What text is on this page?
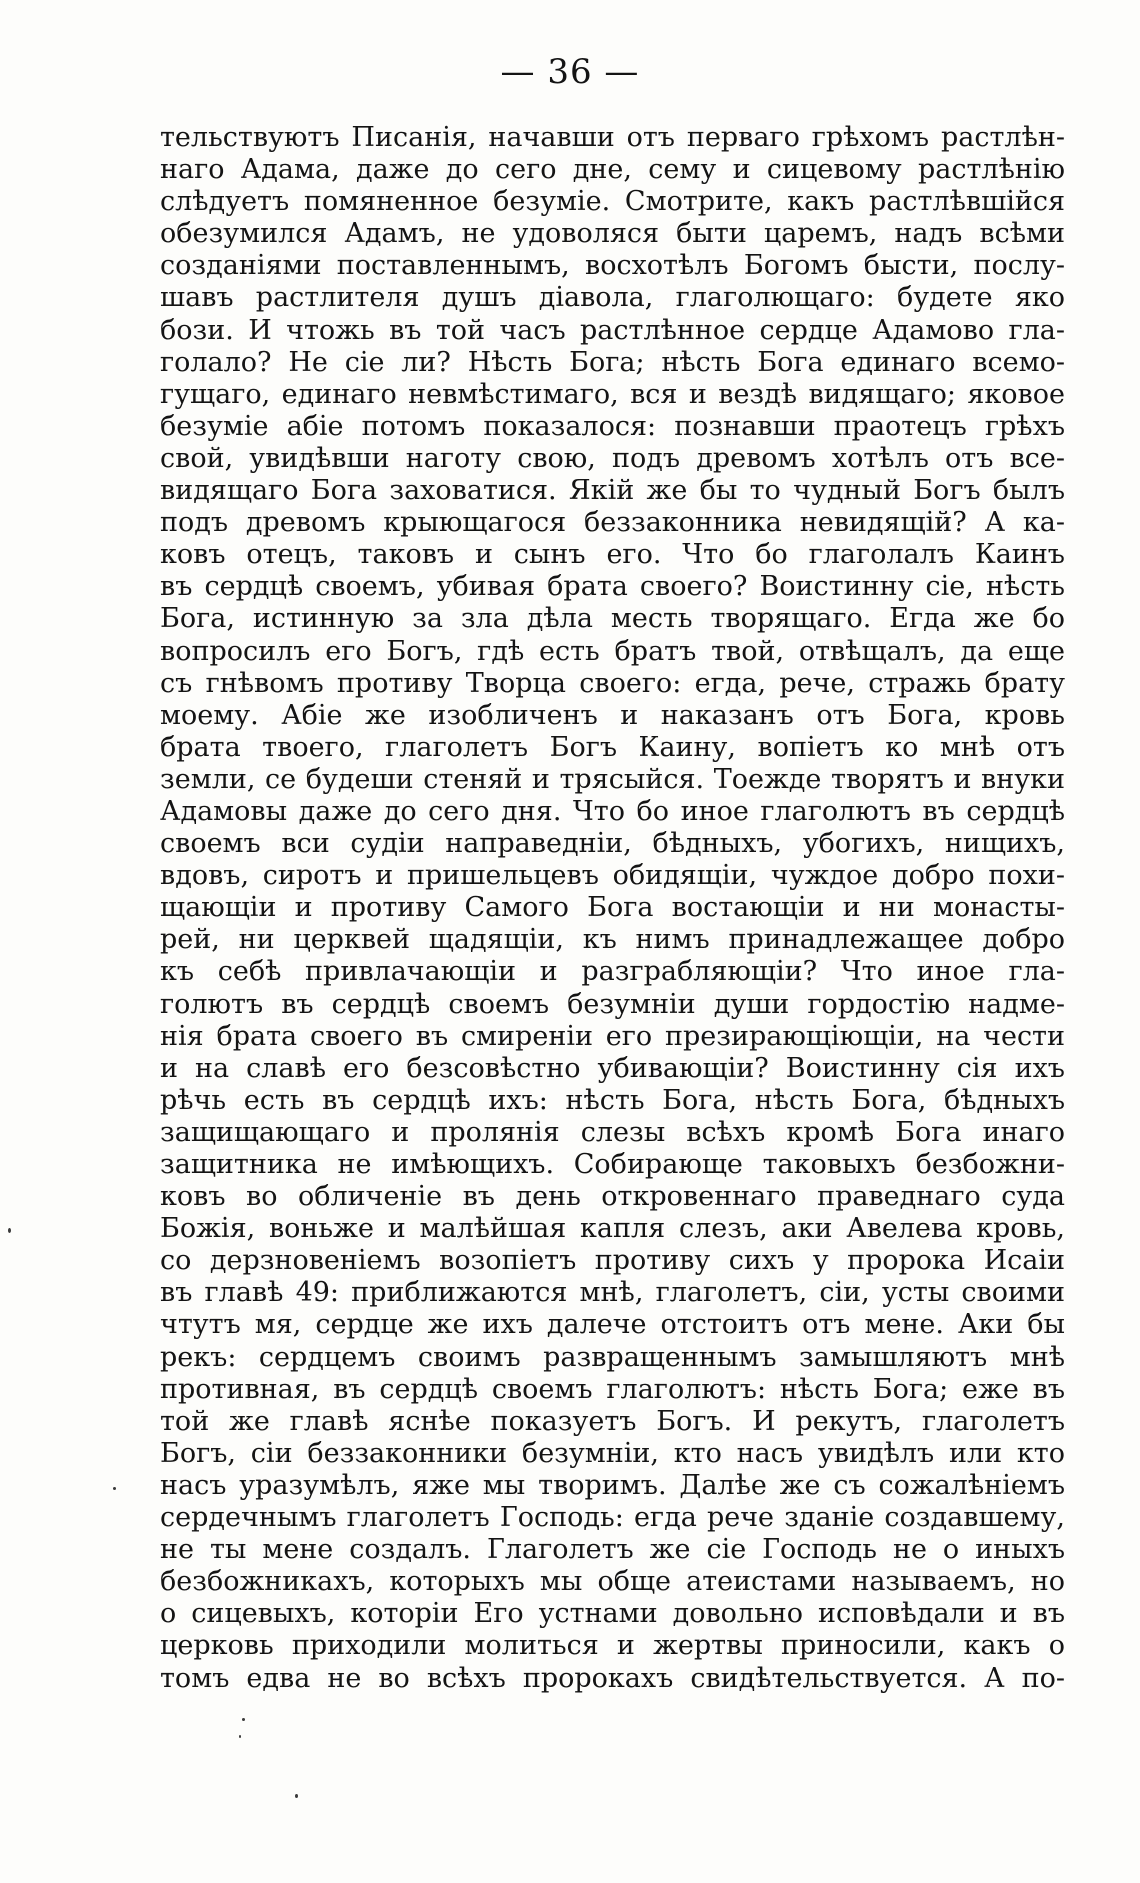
— 36 —
тельствуютъ Писанія, начавши отъ перваго грѣхомъ растлѣн-
наго Адама, даже до сего дне, сему и сицевому растлѣнію
слѣдуетъ помяненное безуміе. Смотрите, какъ растлѣвшійся
обезумился Адамъ, не удоволяся быти царемъ, надъ всѣми
созданіями поставленнымъ, восхотѣлъ Богомъ бысти, послу-
шавъ растлителя душъ діавола, глаголющаго: будете яко
бози. И чтожь въ той часъ растлѣнное сердце Адамово гла-
голало? Не сіе ли? Нѣсть Бога; нѣсть Бога единаго всемо-
гущаго, единаго невмѣстимаго, вся и вездѣ видящаго; яковое
безуміе абіе потомъ показалося: познавши праотецъ грѣхъ
свой, увидѣвши наготу свою, подъ древомъ хотѣлъ отъ все-
видящаго Бога заховатися. Якій же бы то чудный Богъ былъ
подъ древомъ крыющагося беззаконника невидящій? А ка-
ковъ отецъ, таковъ и сынъ его. Что бо глаголалъ Каинъ
въ сердцѣ своемъ, убивая брата своего? Воистинну сіе, нѣсть
Бога, истинную за зла дѣла месть творящаго. Егда же бо
вопросилъ его Богъ, гдѣ есть братъ твой, отвѣщалъ, да еще
съ гнѣвомъ противу Творца своего: егда, рече, стражь брату
моему. Абіе же изобличенъ и наказанъ отъ Бога, кровь
брата твоего, глаголетъ Богъ Каину, вопіетъ ко мнѣ отъ
земли, се будеши стеняй и трясыйся. Тоежде творятъ и внуки
Адамовы даже до сего дня. Что бо иное глаголютъ въ сердцѣ
своемъ вси судіи направедніи, бѣдныхъ, убогихъ, нищихъ,
вдовъ, сиротъ и пришельцевъ обидящіи, чуждое добро похи-
щающіи и противу Самого Бога востающіи и ни монасты-
рей, ни церквей щадящіи, къ нимъ принадлежащее добро
къ себѣ привлачающіи и разграбляющіи? Что иное гла-
голютъ въ сердцѣ своемъ безумніи души гордостію надме-
нія брата своего въ смиреніи его презирающіющіи, на чести
и на славѣ его безсовѣстно убивающіи? Воистинну сія ихъ
рѣчь есть въ сердцѣ ихъ: нѣсть Бога, нѣсть Бога, бѣдныхъ
защищающаго и пролянія слезы всѣхъ кромѣ Бога инаго
защитника не имѣющихъ. Собирающе таковыхъ безбожни-
ковъ во обличеніе въ день откровеннаго праведнаго суда
Божія, воньже и малѣйшая капля слезъ, аки Авелева кровь,
со дерзновеніемъ возопіетъ противу сихъ у пророка Исаіи
въ главѣ 49: приближаются мнѣ, глаголетъ, сіи, усты своими
чтутъ мя, сердце же ихъ далече отстоитъ отъ мене. Аки бы
рекъ: сердцемъ своимъ развращеннымъ замышляютъ мнѣ
противная, въ сердцѣ своемъ глаголютъ: нѣсть Бога; еже въ
той же главѣ яснѣе показуетъ Богъ. И рекутъ, глаголетъ
Богъ, сіи беззаконники безумніи, кто насъ увидѣлъ или кто
насъ уразумѣлъ, яже мы творимъ. Далѣе же съ сожалѣніемъ
сердечнымъ глаголетъ Господь: егда рече зданіе создавшему,
не ты мене создалъ. Глаголетъ же сіе Господь не о иныхъ
безбожникахъ, которыхъ мы обще атеистами называемъ, но
о сицевыхъ, которіи Его устнами довольно исповѣдали и въ
церковь приходили молиться и жертвы приносили, какъ о
томъ едва не во всѣхъ пророкахъ свидѣтельствуется. А по-
